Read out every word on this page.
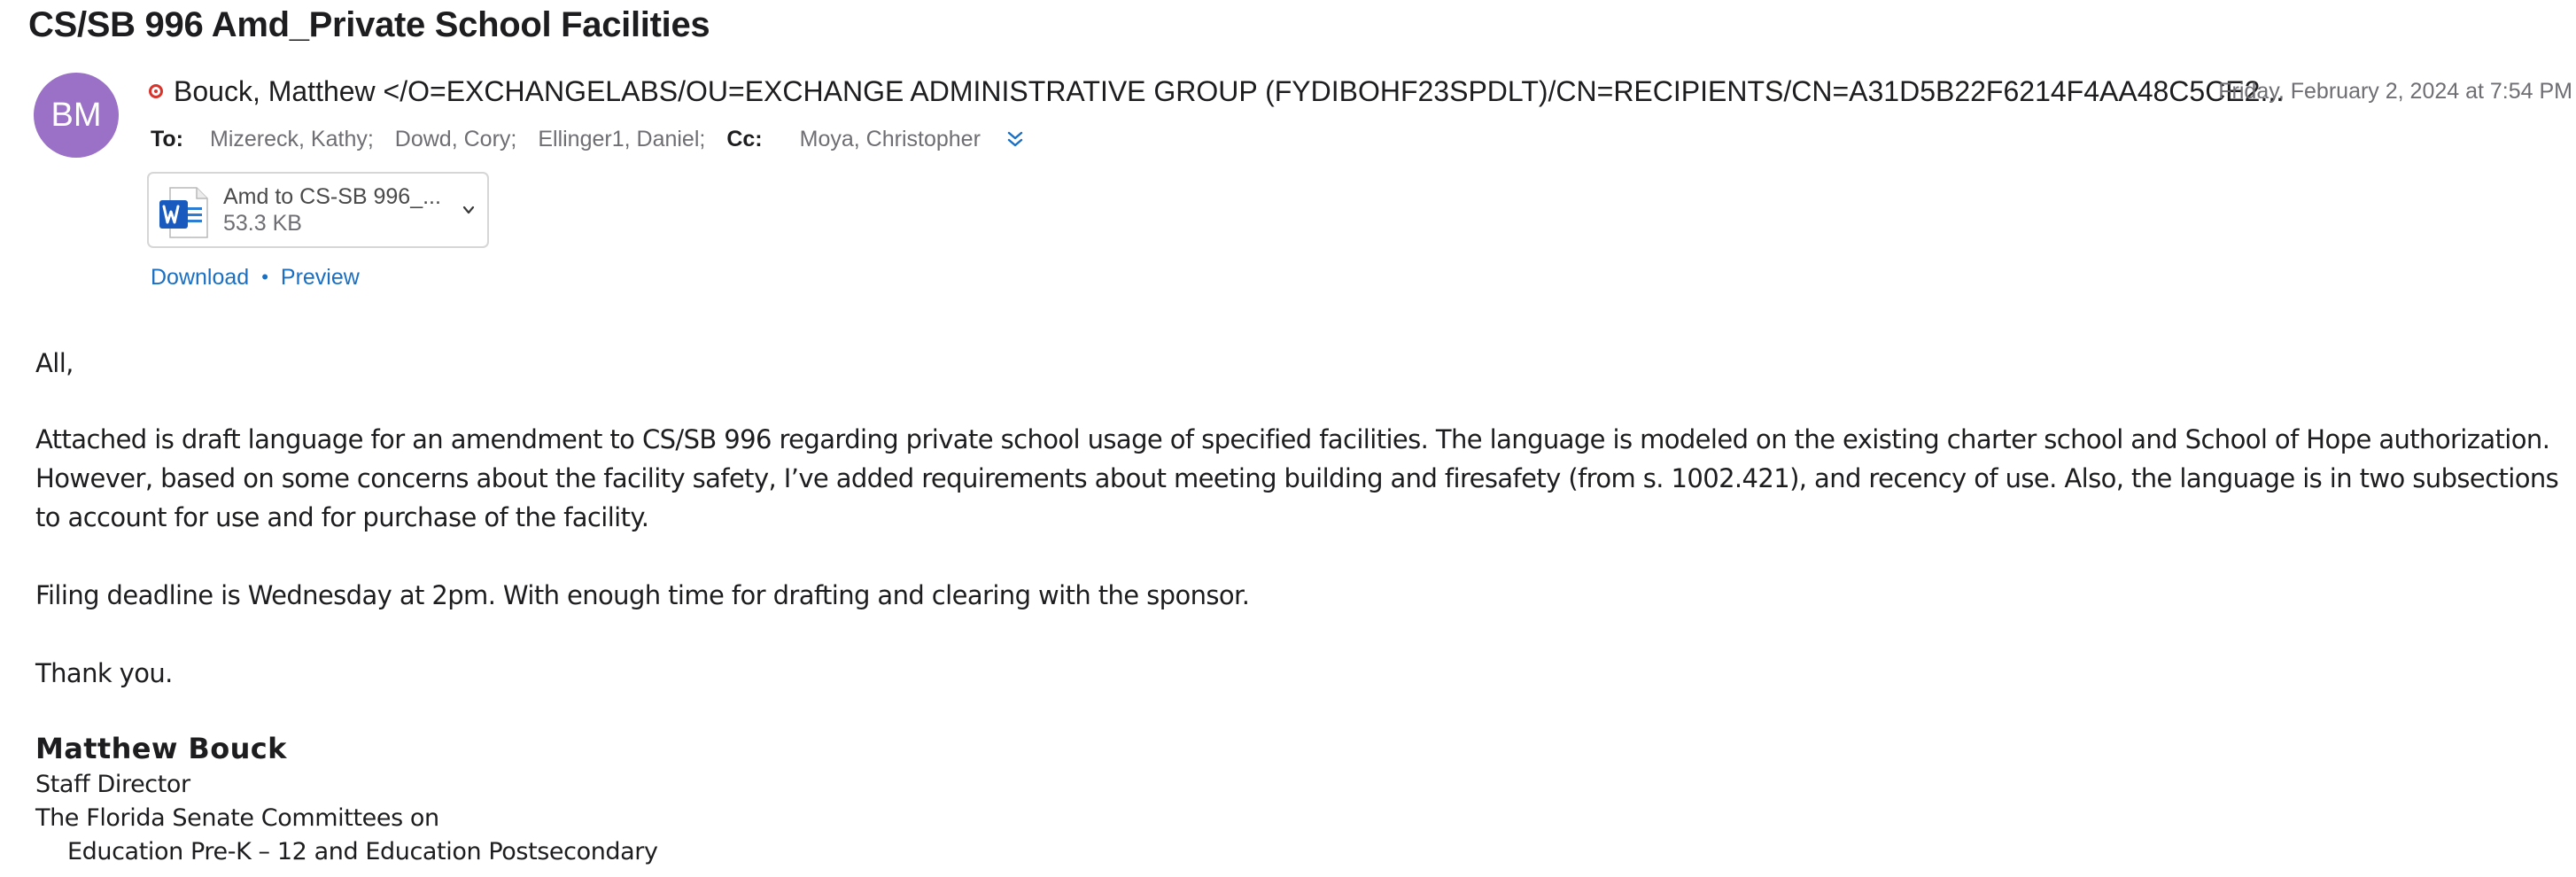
CS/SB 996 Amd_Private School Facilities
BM
Bouck, Matthew </O=EXCHANGELABS/OU=EXCHANGE ADMINISTRATIVE GROUP (FYDIBOHF23SPDLT)/CN=RECIPIENTS/CN=A31D5B22F6214F4AA48C5CE2...
Friday, February 2, 2024 at 7:54 PM
To: Mizereck, Kathy; Dowd, Cory; Ellinger1, Daniel; Cc: Moya, Christopher
Amd to CS-SB 996_...
53.3 KB
Download • Preview
All,
Attached is draft language for an amendment to CS/SB 996 regarding private school usage of specified facilities. The language is modeled on the existing charter school and School of Hope authorization. However, based on some concerns about the facility safety, I’ve added requirements about meeting building and firesafety (from s. 1002.421), and recency of use. Also, the language is in two subsections to account for use and for purchase of the facility.
Filing deadline is Wednesday at 2pm. With enough time for drafting and clearing with the sponsor.
Thank you.
Matthew Bouck
Staff Director
The Florida Senate Committees on
Education Pre-K – 12 and Education Postsecondary
